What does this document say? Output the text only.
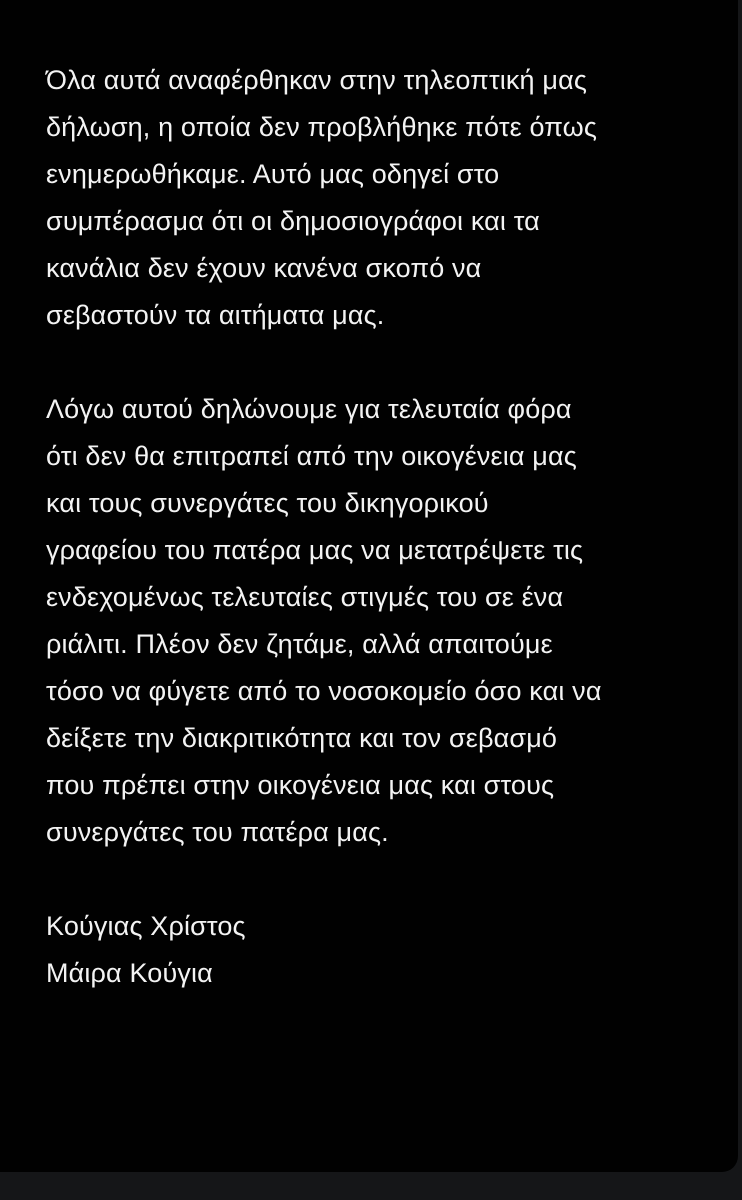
Όλα αυτά αναφέρθηκαν στην τηλεοπτική μας
δήλωση, η οποία δεν προβλήθηκε πότε όπως
ενημερωθήκαμε. Αυτό μας οδηγεί στο
συμπέρασμα ότι οι δημοσιογράφοι και τα
κανάλια δεν έχουν κανένα σκοπό να
σεβαστούν τα αιτήματα μας.
Λόγω αυτού δηλώνουμε για τελευταία φόρα
ότι δεν θα επιτραπεί από την οικογένεια μας
και τους συνεργάτες του δικηγορικού
γραφείου του πατέρα μας να μετατρέψετε τις
ενδεχομένως τελευταίες στιγμές του σε ένα
ριάλιτι. Πλέον δεν ζητάμε, αλλά απαιτούμε
τόσο να φύγετε από το νοσοκομείο όσο και να
δείξετε την διακριτικότητα και τον σεβασμό
που πρέπει στην οικογένεια μας και στους
συνεργάτες του πατέρα μας.
Κούγιας Χρίστος
Μάιρα Κούγια
